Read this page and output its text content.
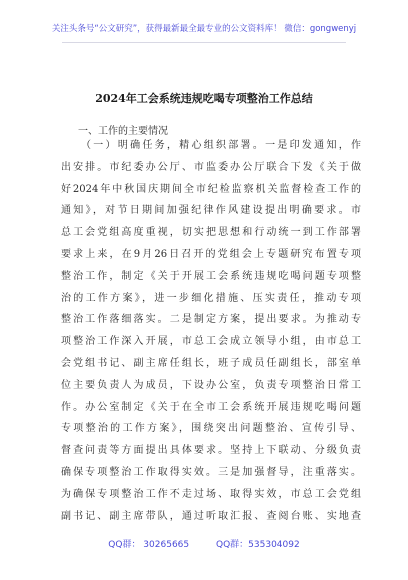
关注头条号“公文研究”，获得最新最全最专业的公文资料库！ 微信：gongwenyj
2024年工会系统违规吃喝专项整治工作总结
一、工作的主要情况
（一）明确任务，精心组织部署。一是印发通知，作
出安排。市纪委办公厅、市监委办公厅联合下发《关于做
好2024年中秋国庆期间全市纪检监察机关监督检查工作的
通知》，对节日期间加强纪律作风建设提出明确要求。市
总工会党组高度重视，切实把思想和行动统一到工作部署
要求上来，在9月26日召开的党组会上专题研究布置专项
整治工作，制定《关于开展工会系统违规吃喝问题专项整
治的工作方案》，进一步细化措施、压实责任，推动专项
整治工作落细落实。二是制定方案，提出要求。为推动专
项整治工作深入开展，市总工会成立领导小组，由市总工
会党组书记、副主席任组长，班子成员任副组长，部室单
位主要负责人为成员，下设办公室，负责专项整治日常工
作。办公室制定《关于在全市工会系统开展违规吃喝问题
专项整治的工作方案》，围绕突出问题整治、宣传引导、
督查问责等方面提出具体要求。坚持上下联动、分级负责
确保专项整治工作取得实效。三是加强督导，注重落实。
为确保专项整治工作不走过场、取得实效，市总工会党组
副书记、副主席带队，通过听取汇报、查阅台账、实地查
QQ群： 30265665	QQ群：535304092
